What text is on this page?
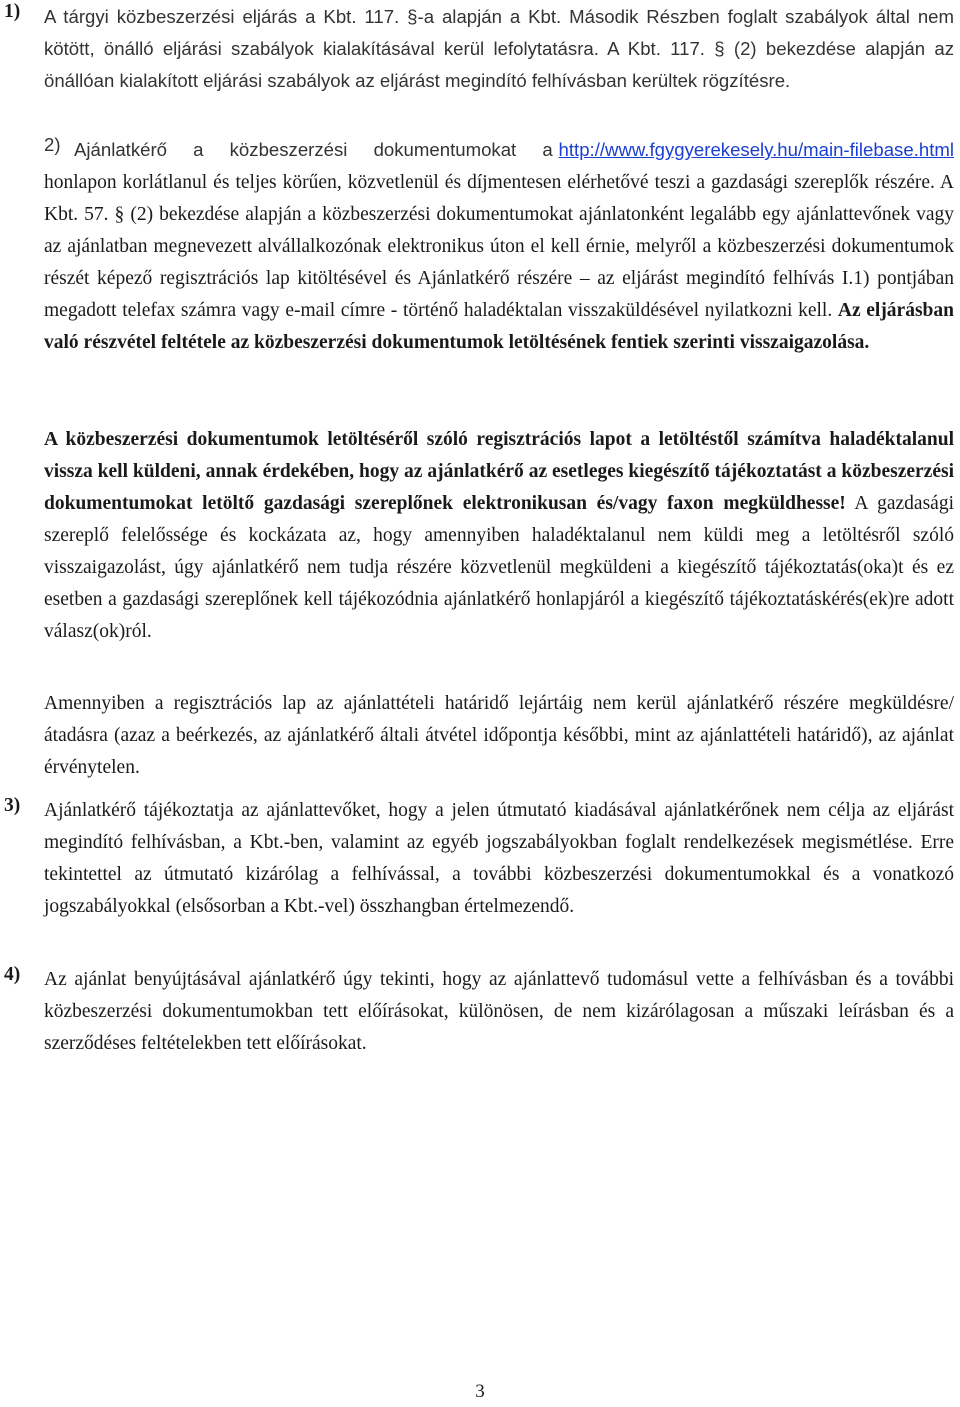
1) A tárgyi közbeszerzési eljárás a Kbt. 117. §-a alapján a Kbt. Második Részben foglalt szabályok által nem kötött, önálló eljárási szabályok kialakításával kerül lefolytatásra. A Kbt. 117. § (2) bekezdése alapján az önállóan kialakított eljárási szabályok az eljárást megindító felhívásban kerültek rögzítésre.
2) Ajánlatkérő a közbeszerzési dokumentumokat a http://www.fgygyerekesely.hu/main-filebase.html honlapon korlátlanul és teljes körűen, közvetlenül és díjmentesen elérhetővé teszi a gazdasági szereplők részére. A Kbt. 57. § (2) bekezdése alapján a közbeszerzési dokumentumokat ajánlatonként legalább egy ajánlattevőnek vagy az ajánlatban megnevezett alvállalkozónak elektronikus úton el kell érnie, melyről a közbeszerzési dokumentumok részét képező regisztrációs lap kitöltésével és Ajánlatkérő részére – az eljárást megindító felhívás I.1) pontjában megadott telefax számra vagy e-mail címre - történő haladéktalan visszaküldésével nyilatkozni kell. Az eljárásban való részvétel feltétele az közbeszerzési dokumentumok letöltésének fentiek szerinti visszaigazolása.
A közbeszerzési dokumentumok letöltéséről szóló regisztrációs lapot a letöltéstől számítva haladéktalanul vissza kell küldeni, annak érdekében, hogy az ajánlatkérő az esetleges kiegészítő tájékoztatást a közbeszerzési dokumentumokat letöltő gazdasági szereplőnek elektronikusan és/vagy faxon megküldhesse! A gazdasági szereplő felelőssége és kockázata az, hogy amennyiben haladéktalanul nem küldi meg a letöltésről szóló visszaigazolást, úgy ajánlatkérő nem tudja részére közvetlenül megküldeni a kiegészítő tájékoztatás(oka)t és ez esetben a gazdasági szereplőnek kell tájékozódnia ajánlatkérő honlapjáról a kiegészítő tájékoztatáskérés(ek)re adott válasz(ok)ról.
Amennyiben a regisztrációs lap az ajánlattételi határidő lejártáig nem kerül ajánlatkérő részére megküldésre/átadásra (azaz a beérkezés, az ajánlatkérő általi átvétel időpontja későbbi, mint az ajánlattételi határidő), az ajánlat érvénytelen.
3) Ajánlatkérő tájékoztatja az ajánlattevőket, hogy a jelen útmutató kiadásával ajánlatkérőnek nem célja az eljárást megindító felhívásban, a Kbt.-ben, valamint az egyéb jogszabályokban foglalt rendelkezések megismétlése. Erre tekintettel az útmutató kizárólag a felhívással, a további közbeszerzési dokumentumokkal és a vonatkozó jogszabályokkal (elsősorban a Kbt.-vel) összhangban értelmezendő.
4) Az ajánlat benyújtásával ajánlatkérő úgy tekinti, hogy az ajánlattevő tudomásul vette a felhívásban és a további közbeszerzési dokumentumokban tett előírásokat, különösen, de nem kizárólagosan a műszaki leírásban és a szerződéses feltételekben tett előírásokat.
3
